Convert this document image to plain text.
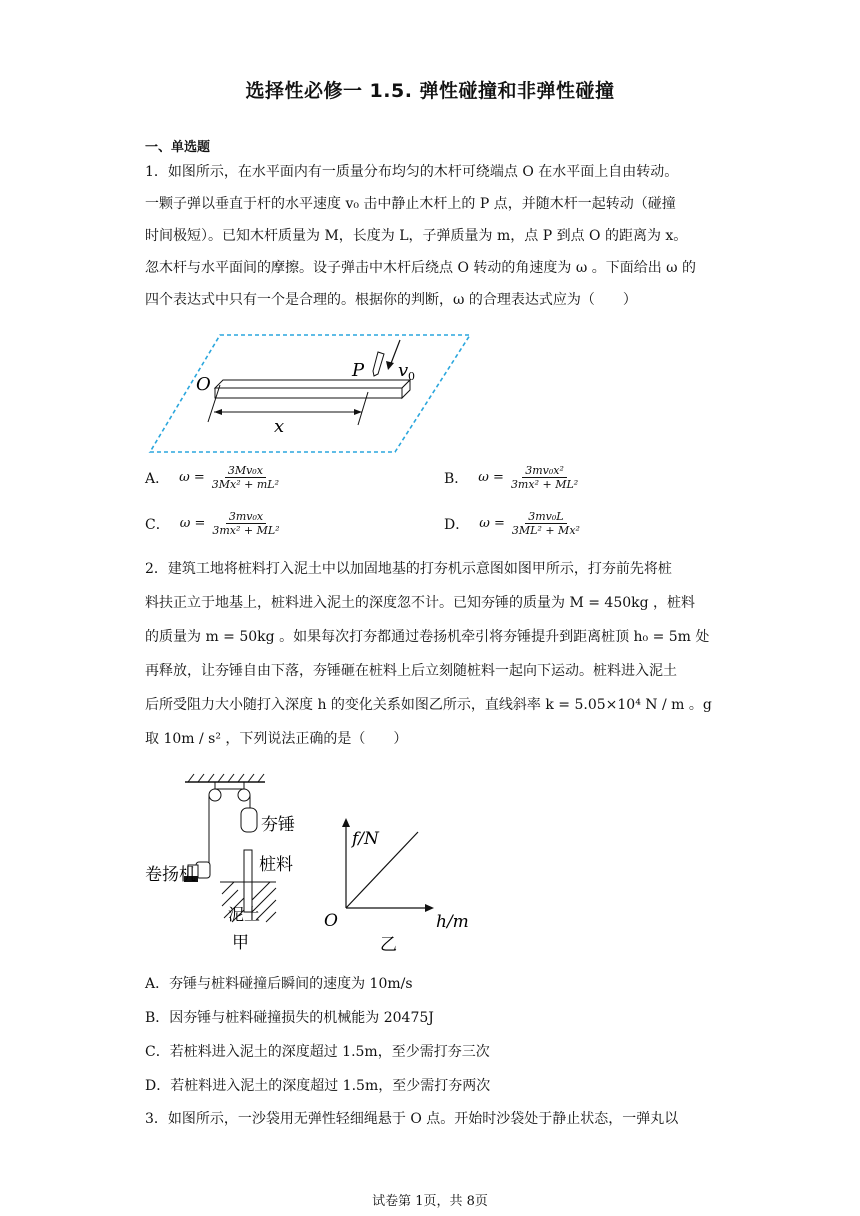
选择性必修一 1.5. 弹性碰撞和非弹性碰撞
一、单选题
1．如图所示，在水平面内有一质量分布均匀的木杆可绕端点 O 在水平面上自由转动。
一颗子弹以垂直于杆的水平速度 v₀ 击中静止木杆上的 P 点，并随木杆一起转动（碰撞
时间极短）。已知木杆质量为 M，长度为 L，子弹质量为 m，点 P 到点 O 的距离为 x。
忽木杆与水平面间的摩擦。设子弹击中木杆后绕点 O 转动的角速度为 ω 。下面给出 ω 的
四个表达式中只有一个是合理的。根据你的判断，ω 的合理表达式应为（　　）
O
P v 0
x
A． $\omega = \frac{\text{3Mv₀x}}{\text{3Mx² + mL²}}$	B． $\omega = \frac{\text{3mv₀x²}}{\text{3mx² + ML²}}$
C． $\omega = \frac{\text{3mv₀x}}{\text{3mx² + ML²}}$	D． $\omega = \frac{\text{3mv₀L}}{\text{3ML² + Mx²}}$
2．建筑工地将桩料打入泥土中以加固地基的打夯机示意图如图甲所示，打夯前先将桩
料扶正立于地基上，桩料进入泥土的深度忽不计。已知夯锤的质量为 M = 450kg ，桩料
的质量为 m = 50kg 。如果每次打夯都通过卷扬机牵引将夯锤提升到距离桩顶 h₀ = 5m 处
再释放，让夯锤自由下落，夯锤砸在桩料上后立刻随桩料一起向下运动。桩料进入泥土
后所受阻力大小随打入深度 h 的变化关系如图乙所示，直线斜率 k = 5.05×10⁴ N / m 。g
取 10m / s² ，下列说法正确的是（　　）
卷扬机
夯锤
桩料
泥土
甲
f/N
h/m
O
乙
A．夯锤与桩料碰撞后瞬间的速度为 10m/s
B．因夯锤与桩料碰撞损失的机械能为 20475J
C．若桩料进入泥土的深度超过 1.5m，至少需打夯三次
D．若桩料进入泥土的深度超过 1.5m，至少需打夯两次
3．如图所示，一沙袋用无弹性轻细绳悬于 O 点。开始时沙袋处于静止状态，一弹丸以
试卷第 1页，共 8页
